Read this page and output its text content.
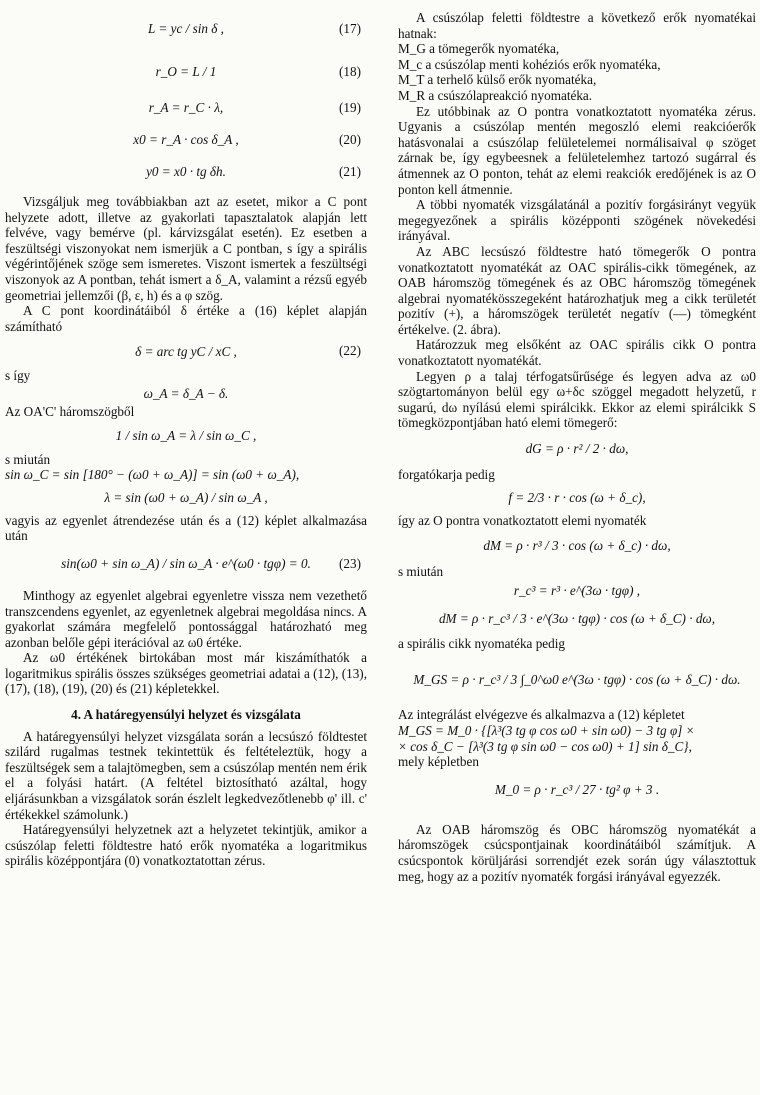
L = yc / sin δ ,	(17)
r_O = L / 1	(18)
r_A = r_C · λ,	(19)
x0 = r_A · cos δ_A ,	(20)
y0 = x0 · tg δh.	(21)

Vizsgáljuk meg továbbiakban azt az esetet, mikor a C pont helyzete adott, illetve az gyakorlati tapasztalatok alapján lett felvéve, vagy bemérve (pl. kárvizsgálat esetén). Ez esetben a feszültségi viszonyokat nem ismerjük a C pontban, s így a spirális végérintőjének szöge sem ismeretes. Viszont ismertek a feszültségi viszonyok az A pontban, tehát ismert a δ_A, valamint a rézsű egyéb geometriai jellemzői (β, ε, h) és a φ szög.

A C pont koordinátáiból δ értéke a (16) képlet alapján számítható

δ = arc tg yC / xC ,	(22)

s így

ω_A = δ_A − δ.

Az OA'C' háromszögből

1 / sin ω_A = λ / sin ω_C ,

s miután

sin ω_C = sin [180° − (ω0 + ω_A)] = sin (ω0 + ω_A),

λ = sin (ω0 + ω_A) / sin ω_A ,

vagyis az egyenlet átrendezése után és a (12) képlet alkalmazása után

sin(ω0 + sin ω_A) / sin ω_A · e^(ω0 · tgφ) = 0. (23)

Minthogy az egyenlet algebrai egyenletre vissza nem vezethető transzcendens egyenlet, az egyenletnek algebrai megoldása nincs. A gyakorlat számára megfelelő pontossággal határozható meg azonban belőle gépi iterációval az ω0 értéke.

Az ω0 értékének birtokában most már kiszámíthatók a logaritmikus spirális összes szükséges geometriai adatai a (12), (13), (17), (18), (19), (20) és (21) képletekkel.

4. A határegyensúlyi helyzet és vizsgálata

A határegyensúlyi helyzet vizsgálata során a lecsúszó földtestet szilárd rugalmas testnek tekintettük és feltételeztük, hogy a feszültségek sem a talajtömegben, sem a csúszólap mentén nem érik el a folyási határt. (A feltétel biztosítható azáltal, hogy eljárásunkban a vizsgálatok során észlelt legkedvezőtlenebb φ' ill. c' értékekkel számolunk.)

Határegyensúlyi helyzetnek azt a helyzetet tekintjük, amikor a csúszólap feletti földtestre ható erők nyomatéka a logaritmikus spirális középpontjára (0) vonatkoztatottan zérus.

A csúszólap feletti földtestre a következő erők nyomatékai hatnak:

M_G a tömegerők nyomatéka,

M_c a csúszólap menti kohéziós erők nyomatéka,

M_T a terhelő külső erők nyomatéka,

M_R a csúszólapreakció nyomatéka.

Ez utóbbinak az O pontra vonatkoztatott nyomatéka zérus. Ugyanis a csúszólap mentén megoszló elemi reakcióerők hatásvonalai a csúszólap felületelemei normálisaival φ szöget zárnak be, így egybeesnek a felületelemhez tartozó sugárral és átmennek az O ponton, tehát az elemi reakciók eredőjének is az O ponton kell átmennie.

A többi nyomaték vizsgálatánál a pozitív forgásirányt vegyük megegyezőnek a spirális középponti szögének növekedési irányával.

Az ABC lecsúszó földtestre ható tömegerők O pontra vonatkoztatott nyomatékát az OAC spirális-cikk tömegének, az OAB háromszög tömegének és az OBC háromszög tömegének algebrai nyomatékösszegeként határozhatjuk meg a cikk területét pozitív (+), a háromszögek területét negatív (—) tömegként értékelve. (2. ábra).

Határozzuk meg elsőként az OAC spirális cikk O pontra vonatkoztatott nyomatékát.

Legyen ρ a talaj térfogatsűrűsége és legyen adva az ω0 szögtartományon belül egy ω+δc szöggel megadott helyzetű, r sugarú, dω nyílású elemi spirálcikk. Ekkor az elemi spirálcikk S tömegközpontjában ható elemi tömegerő:

dG = ρ · r² / 2 · dω,

forgatókarja pedig

f = 2/3 · r · cos (ω + δ_c),

így az O pontra vonatkoztatott elemi nyomaték

dM = ρ · r³ / 3 · cos (ω + δ_c) · dω,

s miután

r_c³ = r³ · e^(3ω · tgφ) ,
dM = ρ · r_c³ / 3 · e^(3ω · tgφ) · cos (ω + δ_C) · dω,

a spirális cikk nyomatéka pedig

M_GS = ρ · r_c³ / 3 ∫_0^ω0 e^(3ω · tgφ) · cos (ω + δ_C) · dω.

Az integrálást elvégezve és alkalmazva a (12) képletet

M_GS = M_0 · {[λ³(3 tg φ cos ω0 + sin ω0) − 3 tg φ] ×

× cos δ_C − [λ³(3 tg φ sin ω0 − cos ω0) + 1] sin δ_C},

mely képletben

M_0 = ρ · r_c³ / 27 · tg² φ + 3 .

Az OAB háromszög és OBC háromszög nyomatékát a háromszögek csúcspontjainak koordinátáiból számítjuk. A csúcspontok körüljárási sorrendjét ezek során úgy választottuk meg, hogy az a pozitív nyomaték forgási irányával egyezzék.
